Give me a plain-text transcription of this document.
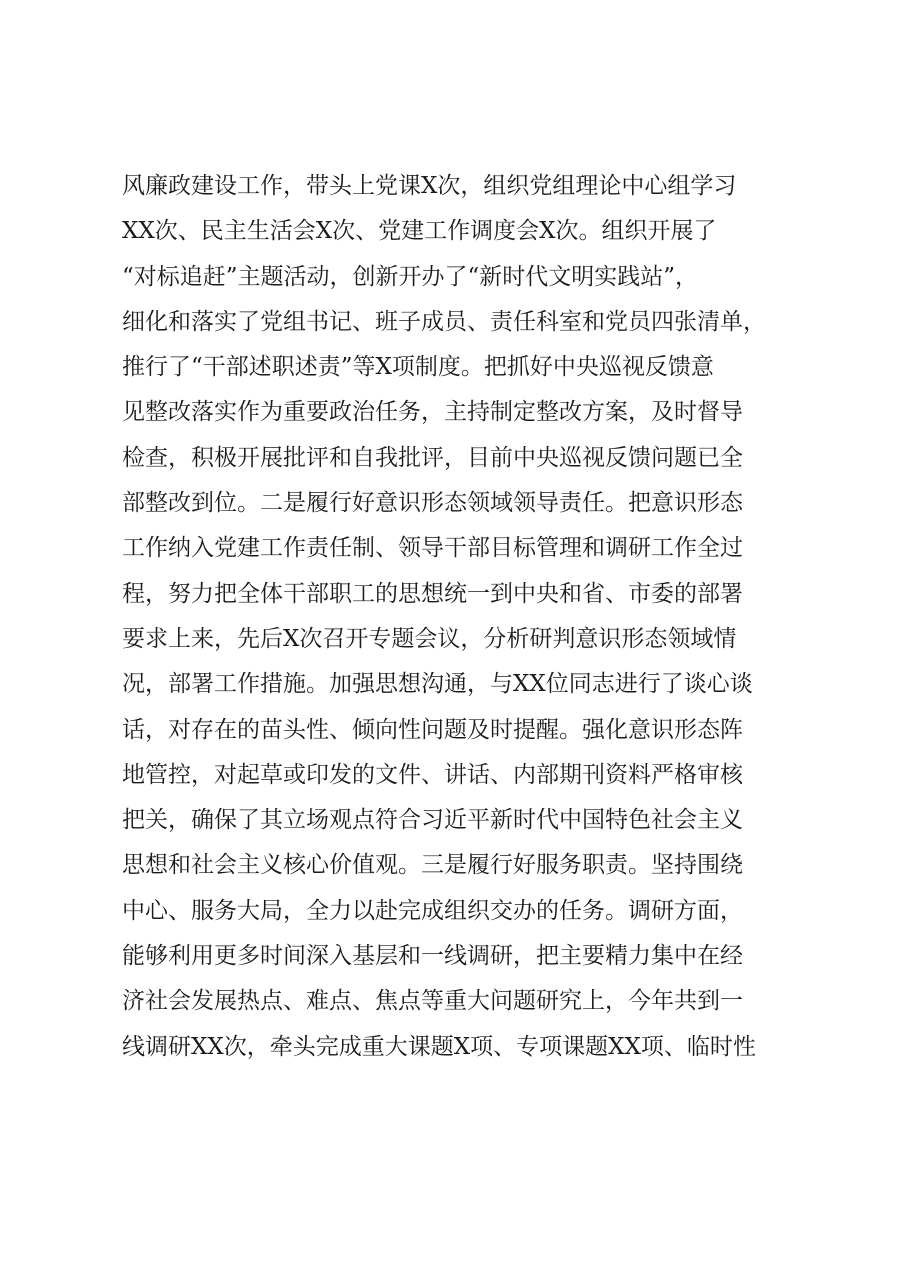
风廉政建设工作，带头上党课X次，组织党组理论中心组学习
XX次、民主生活会X次、党建工作调度会X次。组织开展了
“对标追赶”主题活动，创新开办了“新时代文明实践站”，
细化和落实了党组书记、班子成员、责任科室和党员四张清单，
推行了“干部述职述责”等X项制度。把抓好中央巡视反馈意
见整改落实作为重要政治任务，主持制定整改方案，及时督导
检查，积极开展批评和自我批评，目前中央巡视反馈问题已全
部整改到位。二是履行好意识形态领域领导责任。把意识形态
工作纳入党建工作责任制、领导干部目标管理和调研工作全过
程，努力把全体干部职工的思想统一到中央和省、市委的部署
要求上来，先后X次召开专题会议，分析研判意识形态领域情
况，部署工作措施。加强思想沟通，与XX位同志进行了谈心谈
话，对存在的苗头性、倾向性问题及时提醒。强化意识形态阵
地管控，对起草或印发的文件、讲话、内部期刊资料严格审核
把关，确保了其立场观点符合习近平新时代中国特色社会主义
思想和社会主义核心价值观。三是履行好服务职责。坚持围绕
中心、服务大局，全力以赴完成组织交办的任务。调研方面，
能够利用更多时间深入基层和一线调研，把主要精力集中在经
济社会发展热点、难点、焦点等重大问题研究上，今年共到一
线调研XX次，牵头完成重大课题X项、专项课题XX项、临时性
